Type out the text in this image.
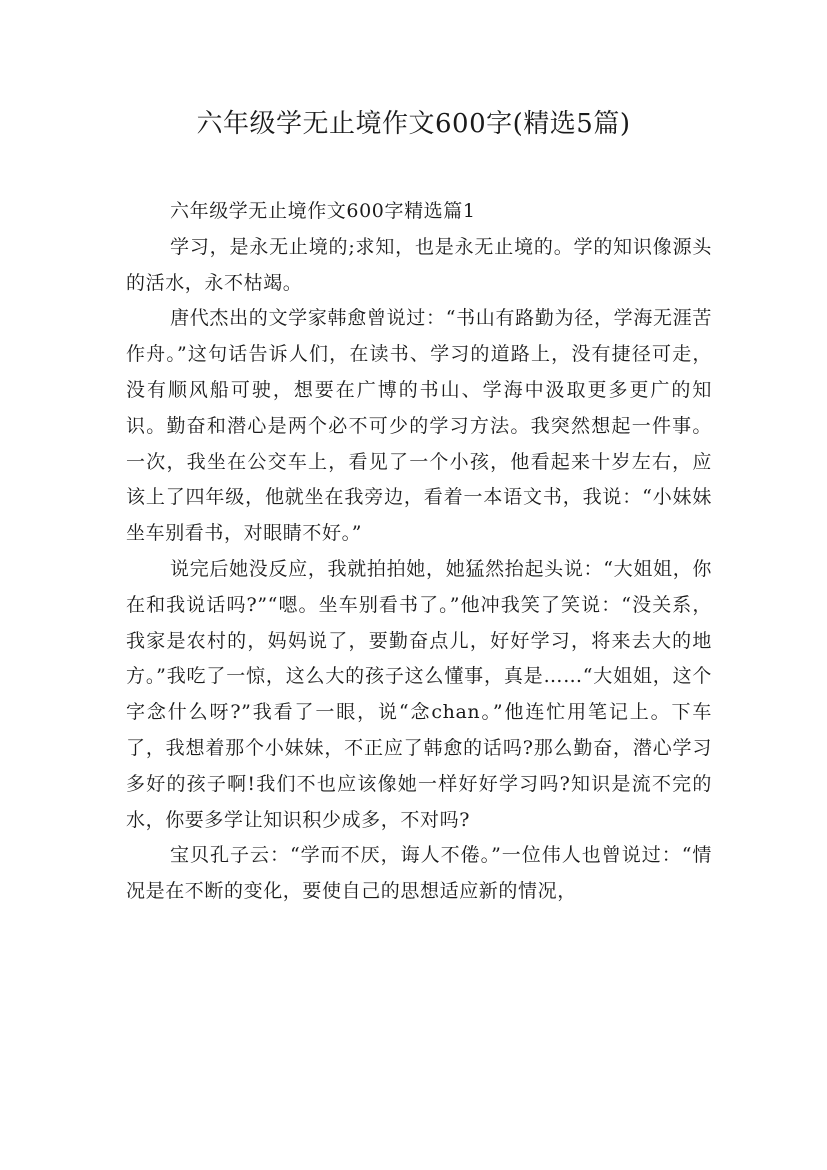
六年级学无止境作文600字(精选5篇)

六年级学无止境作文600字精选篇1

学习，是永无止境的;求知，也是永无止境的。学的知识像源头的活水，永不枯竭。

唐代杰出的文学家韩愈曾说过：“书山有路勤为径，学海无涯苦作舟。”这句话告诉人们，在读书、学习的道路上，没有捷径可走，没有顺风船可驶，想要在广博的书山、学海中汲取更多更广的知识。勤奋和潜心是两个必不可少的学习方法。我突然想起一件事。一次，我坐在公交车上，看见了一个小孩，他看起来十岁左右，应该上了四年级，他就坐在我旁边，看着一本语文书，我说：“小妹妹坐车别看书，对眼睛不好。”

说完后她没反应，我就拍拍她，她猛然抬起头说：“大姐姐，你在和我说话吗?”“嗯。坐车别看书了。”他冲我笑了笑说：“没关系，我家是农村的，妈妈说了，要勤奋点儿，好好学习，将来去大的地方。”我吃了一惊，这么大的孩子这么懂事，真是……“大姐姐，这个字念什么呀?”我看了一眼，说“念chan。”他连忙用笔记上。下车了，我想着那个小妹妹，不正应了韩愈的话吗?那么勤奋，潜心学习多好的孩子啊!我们不也应该像她一样好好学习吗?知识是流不完的水，你要多学让知识积少成多，不对吗?

宝贝孔子云：“学而不厌，诲人不倦。”一位伟人也曾说过：“情况是在不断的变化，要使自己的思想适应新的情况，
